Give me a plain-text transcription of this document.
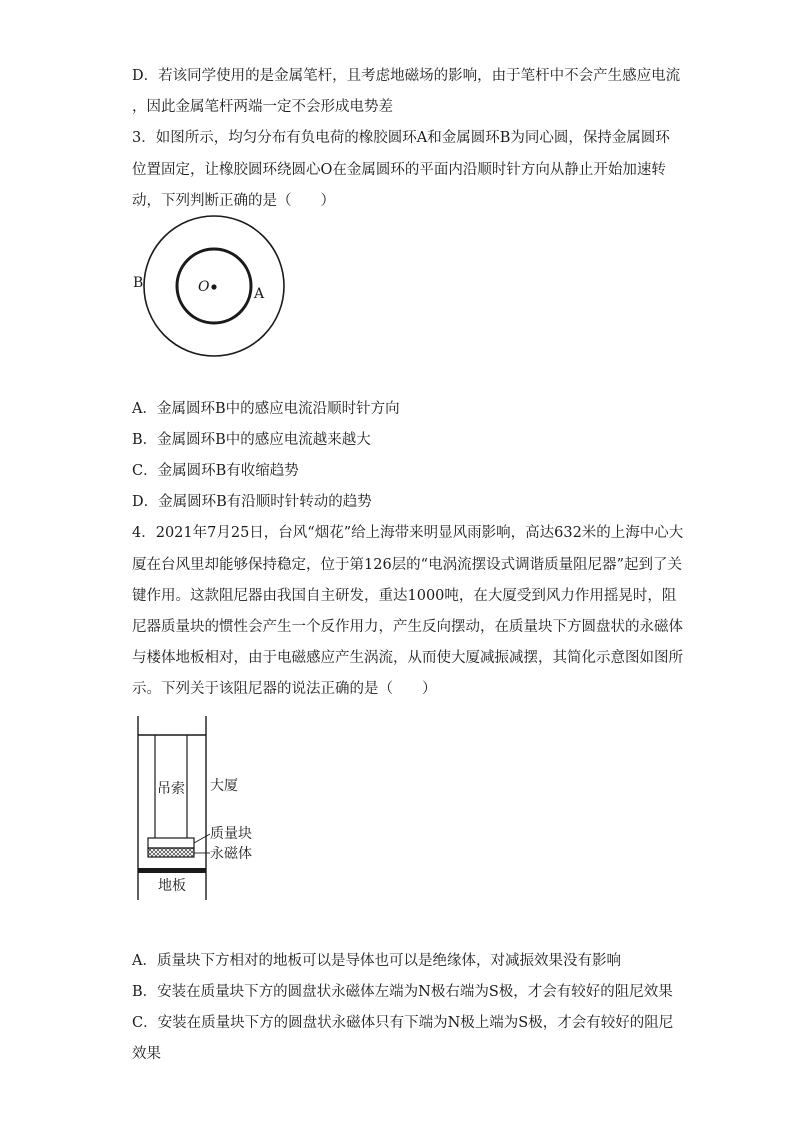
D．若该同学使用的是金属笔杆，且考虑地磁场的影响，由于笔杆中不会产生感应电流
，因此金属笔杆两端一定不会形成电势差
3．如图所示，均匀分布有负电荷的橡胶圆环A和金属圆环B为同心圆，保持金属圆环
位置固定，让橡胶圆环绕圆心O在金属圆环的平面内沿顺时针方向从静止开始加速转
动，下列判断正确的是（　　）
B
A
O
A．金属圆环B中的感应电流沿顺时针方向
B．金属圆环B中的感应电流越来越大
C．金属圆环B有收缩趋势
D．金属圆环B有沿顺时针转动的趋势
4．2021年7月25日，台风“烟花”给上海带来明显风雨影响，高达632米的上海中心大
厦在台风里却能够保持稳定，位于第126层的“电涡流摆设式调谐质量阻尼器”起到了关
键作用。这款阻尼器由我国自主研发，重达1000吨，在大厦受到风力作用摇晃时，阻
尼器质量块的惯性会产生一个反作用力，产生反向摆动，在质量块下方圆盘状的永磁体
与楼体地板相对，由于电磁感应产生涡流，从而使大厦减振减摆，其简化示意图如图所
示。下列关于该阻尼器的说法正确的是（　　）
吊索 大厦
质量块
永磁体
地板
A．质量块下方相对的地板可以是导体也可以是绝缘体，对减振效果没有影响
B．安装在质量块下方的圆盘状永磁体左端为N极右端为S极，才会有较好的阻尼效果
C．安装在质量块下方的圆盘状永磁体只有下端为N极上端为S极，才会有较好的阻尼
效果
